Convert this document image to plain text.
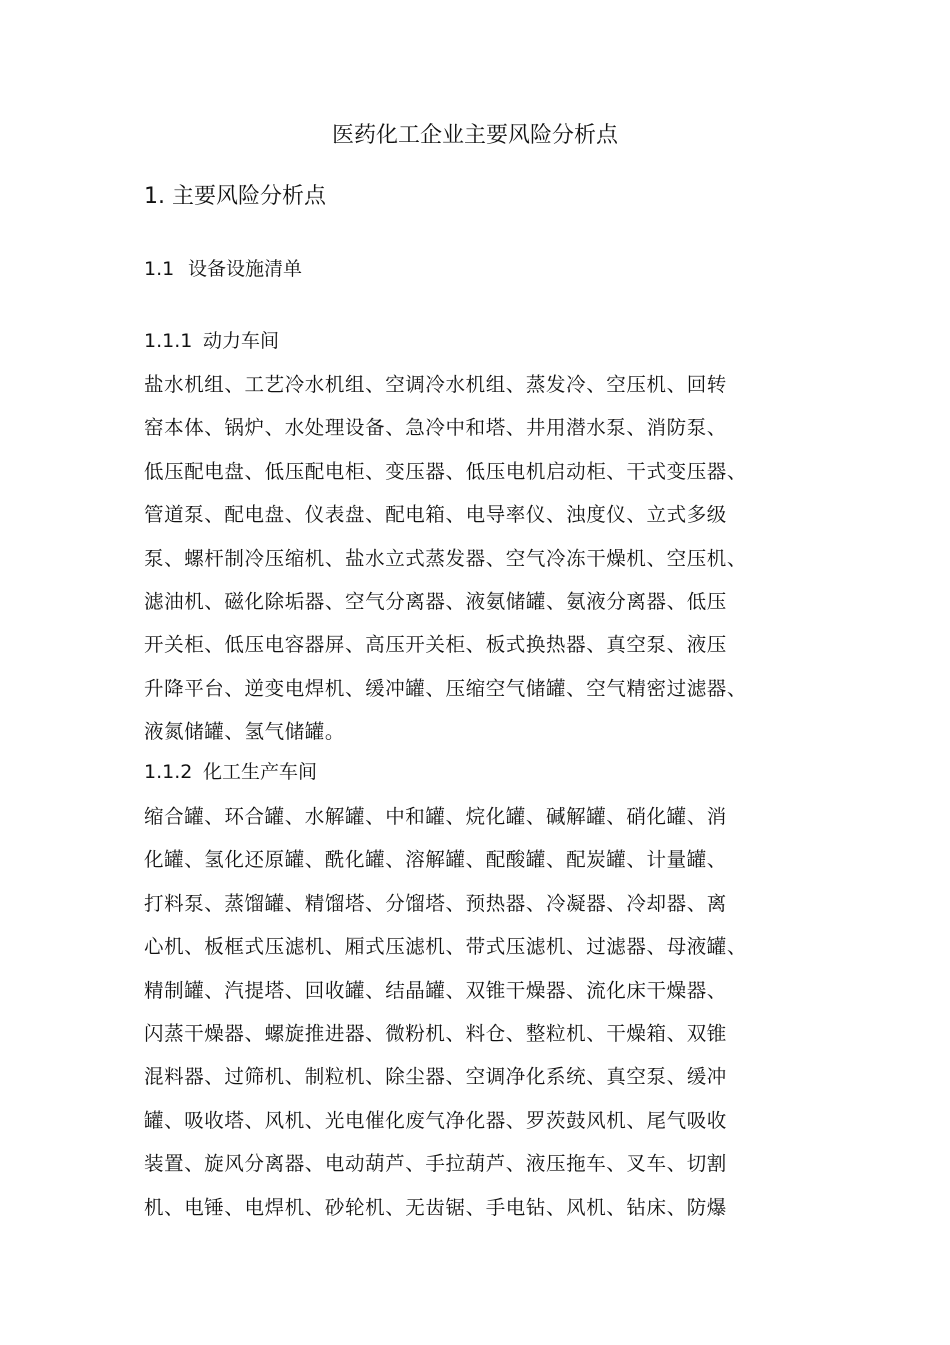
医药化工企业主要风险分析点
1. 主要风险分析点
1.1 设备设施清单
1.1.1 动力车间
盐水机组、工艺冷水机组、空调冷水机组、蒸发冷、空压机、回转
窑本体、锅炉、水处理设备、急冷中和塔、井用潜水泵、消防泵、
低压配电盘、低压配电柜、变压器、低压电机启动柜、干式变压器、
管道泵、配电盘、仪表盘、配电箱、电导率仪、浊度仪、立式多级
泵、螺杆制冷压缩机、盐水立式蒸发器、空气冷冻干燥机、空压机、
滤油机、磁化除垢器、空气分离器、液氨储罐、氨液分离器、低压
开关柜、低压电容器屏、高压开关柜、板式换热器、真空泵、液压
升降平台、逆变电焊机、缓冲罐、压缩空气储罐、空气精密过滤器、
液氮储罐、氢气储罐。
1.1.2 化工生产车间
缩合罐、环合罐、水解罐、中和罐、烷化罐、碱解罐、硝化罐、消
化罐、氢化还原罐、酰化罐、溶解罐、配酸罐、配炭罐、计量罐、
打料泵、蒸馏罐、精馏塔、分馏塔、预热器、冷凝器、冷却器、离
心机、板框式压滤机、厢式压滤机、带式压滤机、过滤器、母液罐、
精制罐、汽提塔、回收罐、结晶罐、双锥干燥器、流化床干燥器、
闪蒸干燥器、螺旋推进器、微粉机、料仓、整粒机、干燥箱、双锥
混料器、过筛机、制粒机、除尘器、空调净化系统、真空泵、缓冲
罐、吸收塔、风机、光电催化废气净化器、罗茨鼓风机、尾气吸收
装置、旋风分离器、电动葫芦、手拉葫芦、液压拖车、叉车、切割
机、电锤、电焊机、砂轮机、无齿锯、手电钻、风机、钻床、防爆
